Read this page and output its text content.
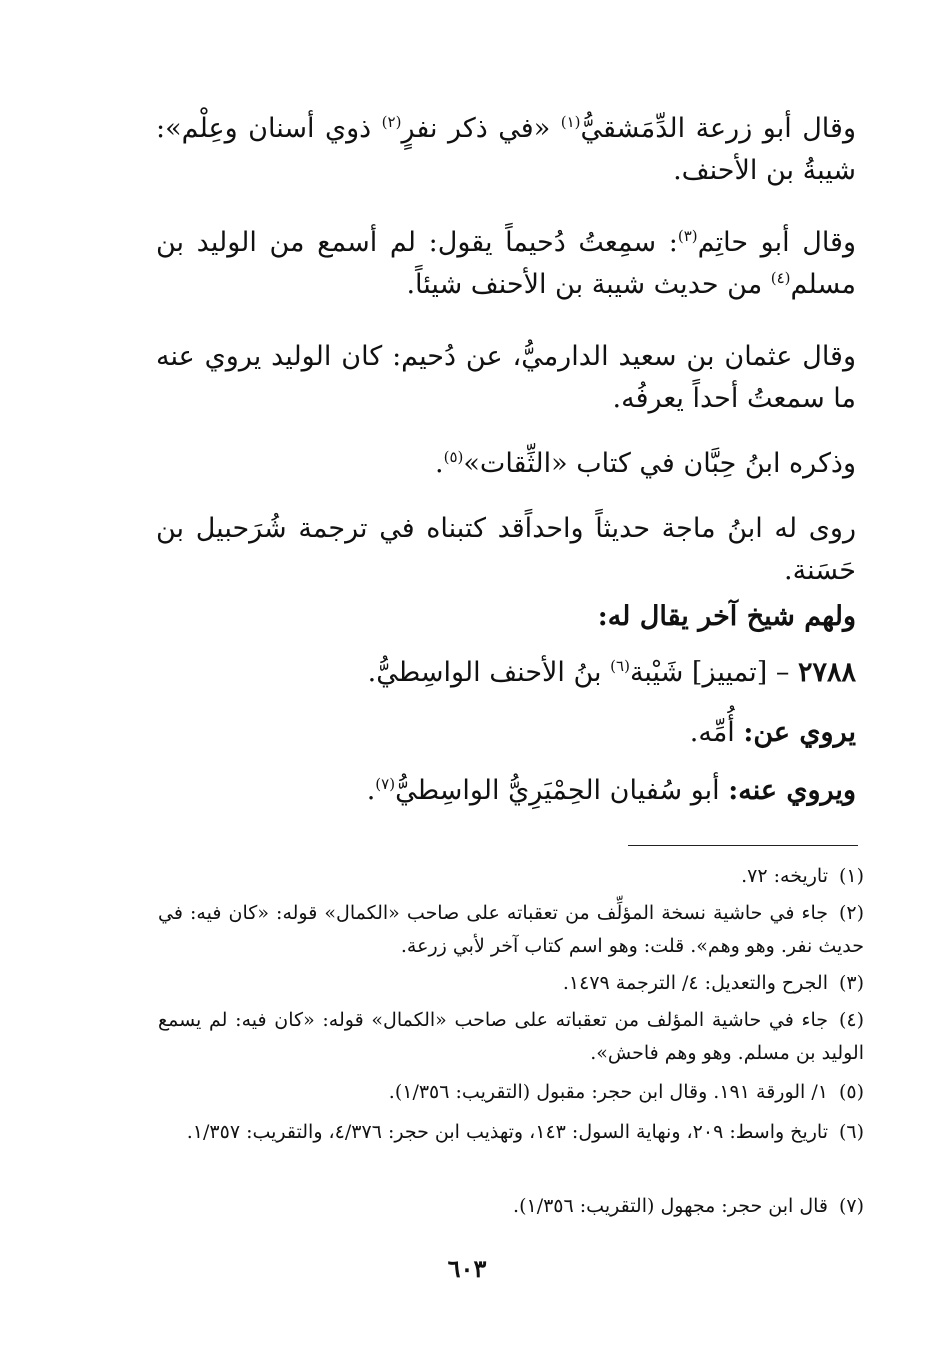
وقال أبو زرعة الدِّمَشقيُّ$^{(١)}$ «في ذكر نفرٍ$^{(٢)}$ ذوي أسنان وعِلْم»: شيبةُ بن الأحنف.

وقال أبو حاتِم$^{(٣)}$: سمِعتُ دُحيماً يقول: لم أسمع من الوليد بن مسلم$^{(٤)}$ من حديث شيبة بن الأحنف شيئاً.

وقال عثمان بن سعيد الدارميُّ، عن دُحيم: كان الوليد يروي عنه ما سمعتُ أحداً يعرفُه.

وذكره ابنُ حِبَّان في كتاب «الثِّقات»$^{(٥)}$.

روى له ابنُ ماجة حديثاً واحداًقد كتبناه في ترجمة شُرَحبيل بن حَسَنة.

ولهم شيخ آخر يقال له:

٢٧٨٨ – [تمييز] شَيْبة$^{(٦)}$ بنُ الأحنف الواسِطيُّ.

يروي عن: أُمِّه.

ويروي عنه: أبو سُفيان الحِمْيَرِيُّ الواسِطيُّ$^{(٧)}$.

(١)تاريخه: ٧٢.

(٢)جاء في حاشية نسخة المؤلِّف من تعقباته على صاحب «الكمال» قوله: «كان فيه: في حديث نفر. وهو وهم». قلت: وهو اسم كتاب آخر لأبي زرعة.

(٣)الجرح والتعديل: ٤/ الترجمة ١٤٧٩.

(٤)جاء في حاشية المؤلف من تعقباته على صاحب «الكمال» قوله: «كان فيه: لم يسمع الوليد بن مسلم. وهو وهم فاحش».

(٥)١/ الورقة ١٩١. وقال ابن حجر: مقبول (التقريب: ١/٣٥٦).

(٦)تاريخ واسط: ٢٠٩، ونهاية السول: ١٤٣، وتهذيب ابن حجر: ٤/٣٧٦، والتقريب: ١/٣٥٧.

(٧)قال ابن حجر: مجهول (التقريب: ١/٣٥٦).

٦٠٣
